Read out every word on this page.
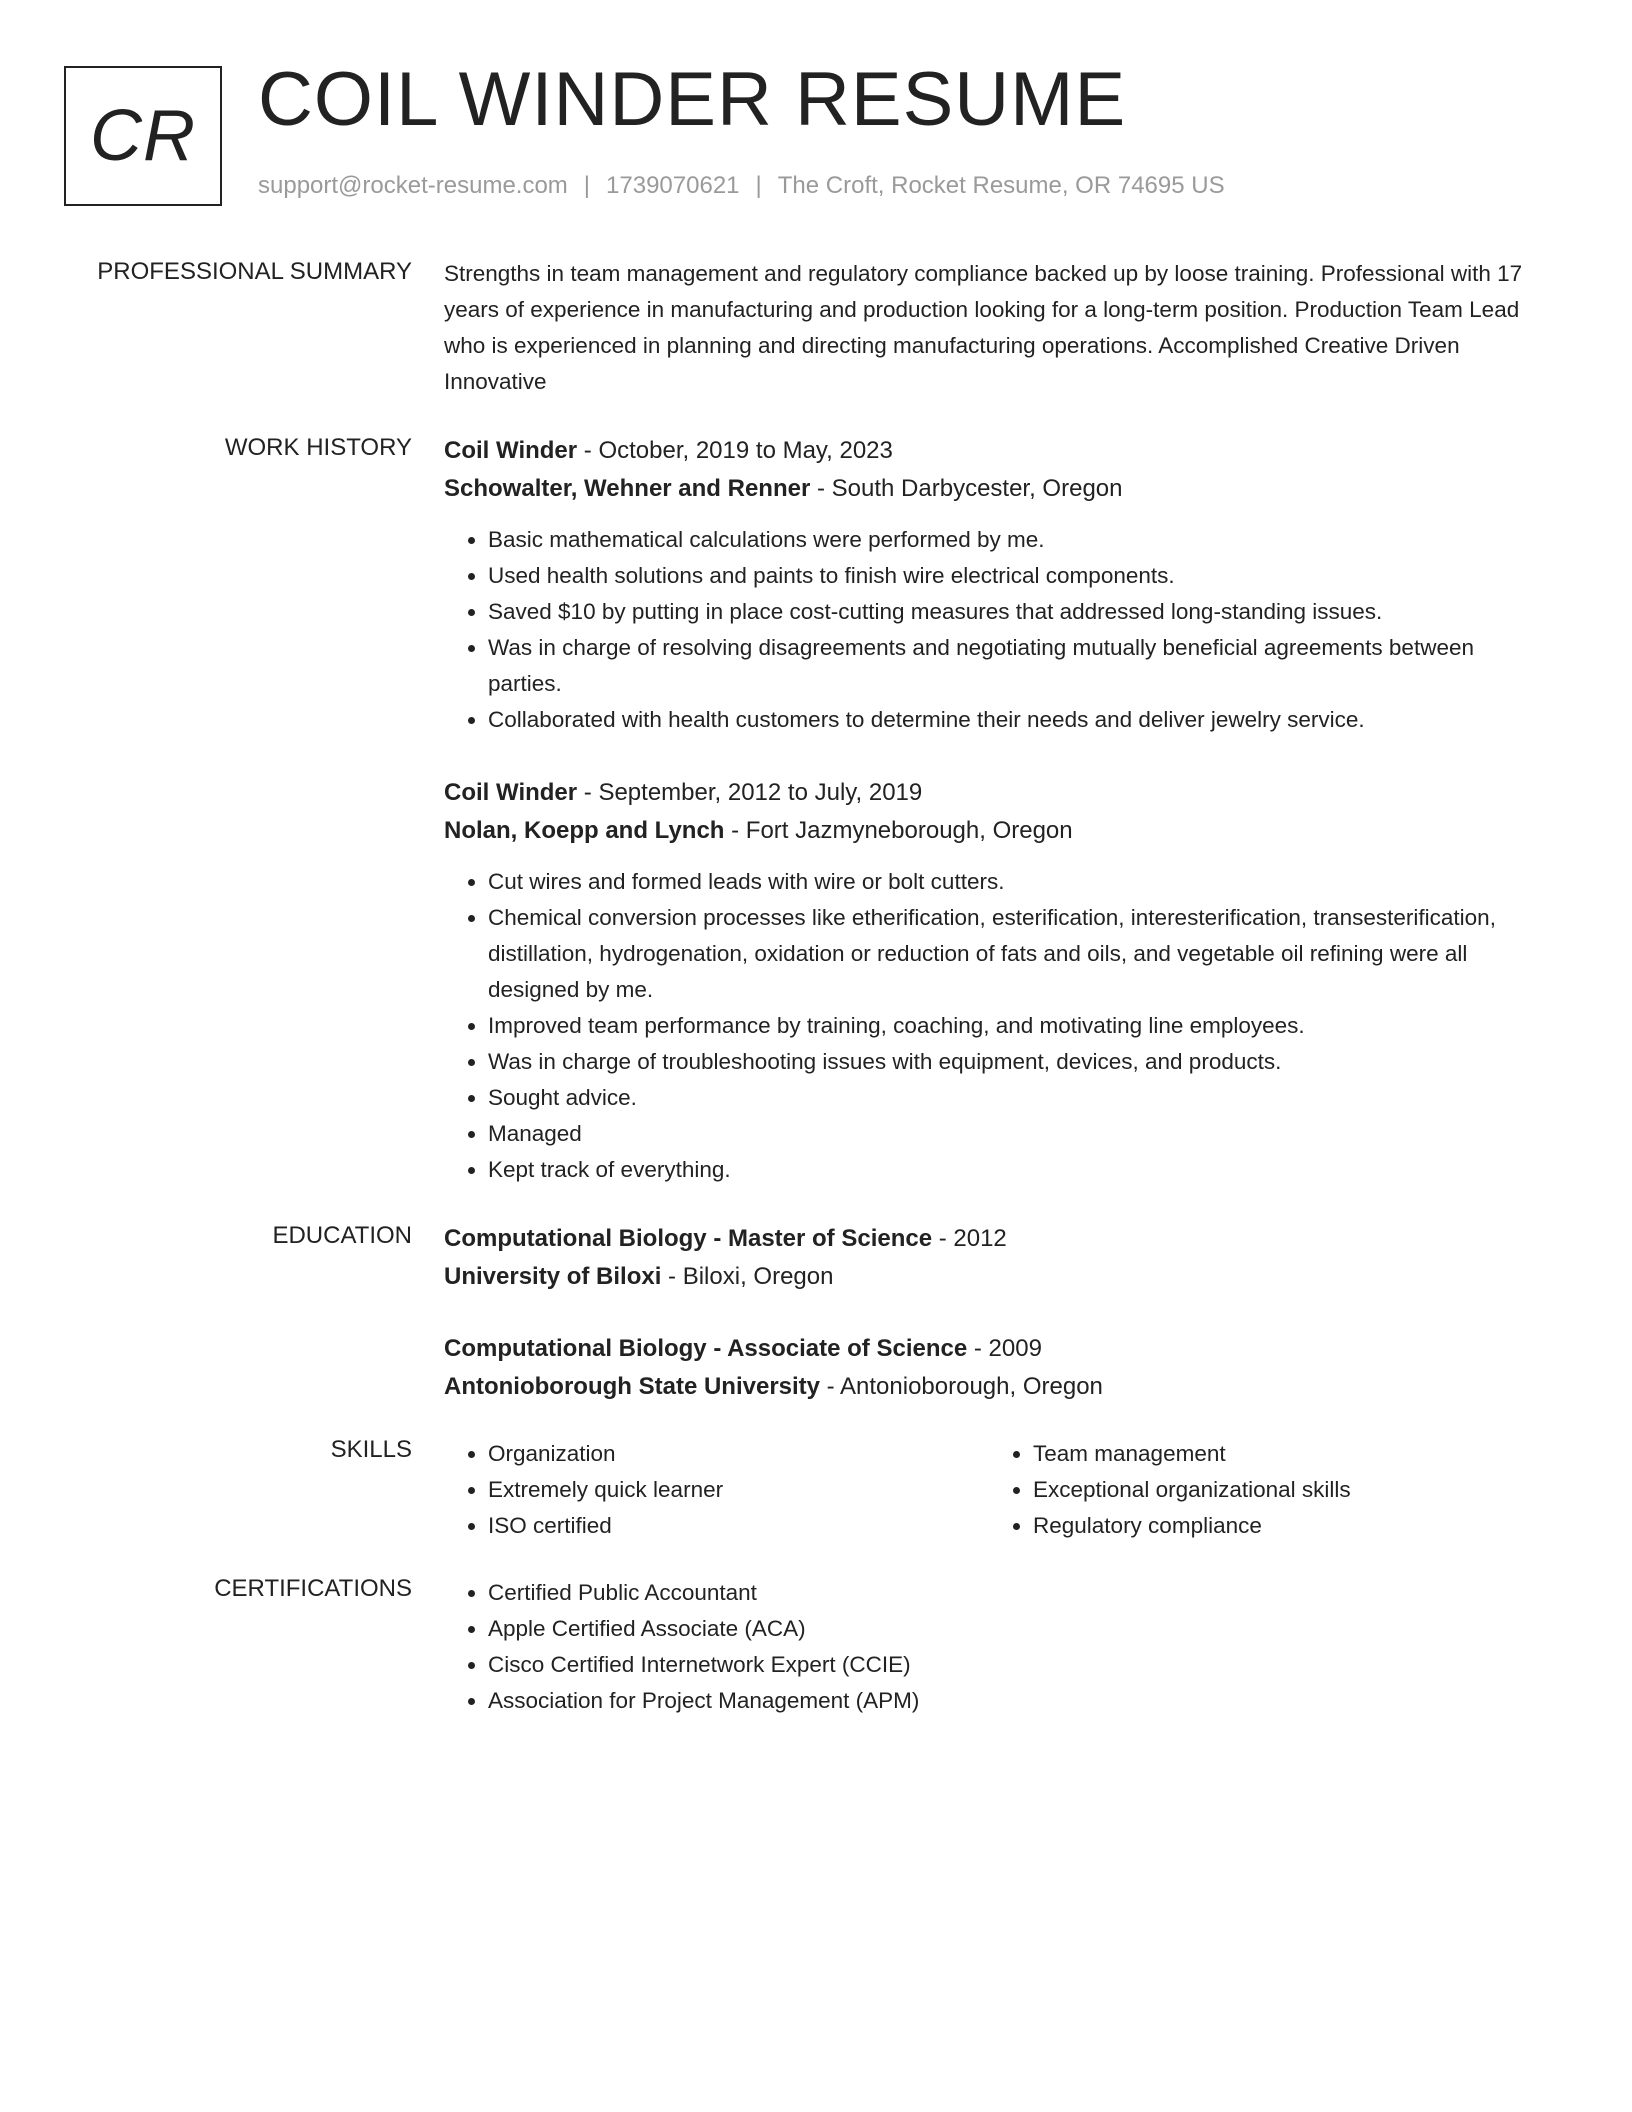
CR COIL WINDER RESUME
support@rocket-resume.com | 1739070621 | The Croft, Rocket Resume, OR 74695 US
PROFESSIONAL SUMMARY Strengths in team management and regulatory compliance backed up by loose training. Professional with 17 years of experience in manufacturing and production looking for a long-term position. Production Team Lead who is experienced in planning and directing manufacturing operations. Accomplished Creative Driven Innovative

WORK HISTORY Coil Winder - October, 2019 to May, 2023
Schowalter, Wehner and Renner - South Darbycester, Oregon
• Basic mathematical calculations were performed by me.
• Used health solutions and paints to finish wire electrical components.
• Saved $10 by putting in place cost-cutting measures that addressed long-standing issues.
• Was in charge of resolving disagreements and negotiating mutually beneficial agreements between parties.
• Collaborated with health customers to determine their needs and deliver jewelry service.
Coil Winder - September, 2012 to July, 2019
Nolan, Koepp and Lynch - Fort Jazmyneborough, Oregon
• Cut wires and formed leads with wire or bolt cutters.
• Chemical conversion processes like etherification, esterification, interesterification, transesterification, distillation, hydrogenation, oxidation or reduction of fats and oils, and vegetable oil refining were all designed by me.
• Improved team performance by training, coaching, and motivating line employees.
• Was in charge of troubleshooting issues with equipment, devices, and products.
• Sought advice.
• Managed
• Kept track of everything.
EDUCATION Computational Biology - Master of Science - 2012
University of Biloxi - Biloxi, Oregon
Computational Biology - Associate of Science - 2009
Antonioborough State University - Antonioborough, Oregon
SKILLS	• Organization
• Extremely quick learner
• ISO certified
• Team management
• Exceptional organizational skills
• Regulatory compliance
CERTIFICATIONS	• Certified Public Accountant
• Apple Certified Associate (ACA)
• Cisco Certified Internetwork Expert (CCIE)
• Association for Project Management (APM)
